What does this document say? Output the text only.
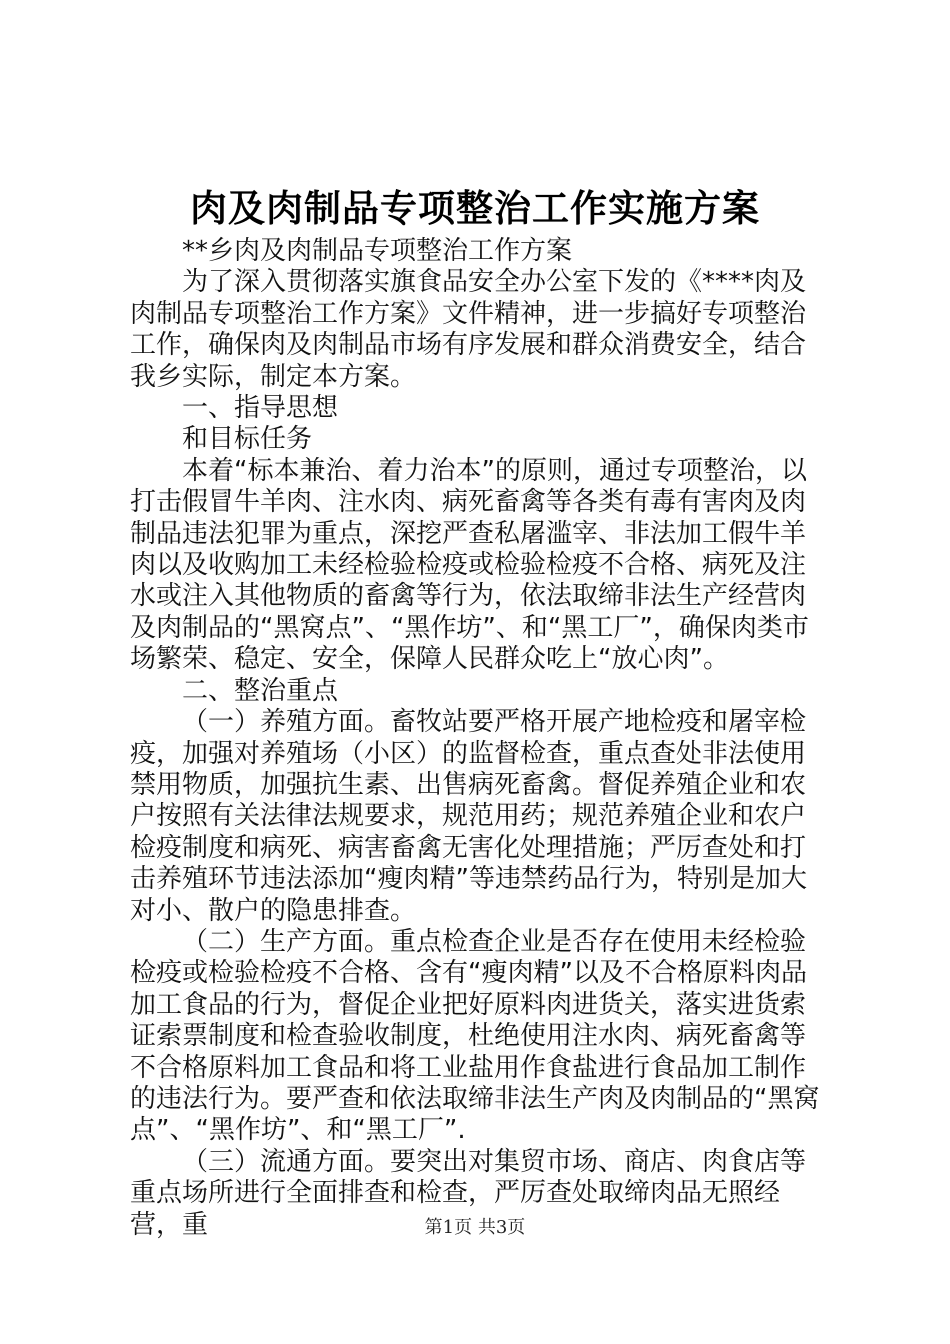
肉及肉制品专项整治工作实施方案

**乡肉及肉制品专项整治工作方案

为了深入贯彻落实旗食品安全办公室下发的《****肉及肉制品专项整治工作方案》文件精神，进一步搞好专项整治工作，确保肉及肉制品市场有序发展和群众消费安全，结合我乡实际，制定本方案。

一、指导思想

和目标任务

本着“标本兼治、着力治本”的原则，通过专项整治，以打击假冒牛羊肉、注水肉、病死畜禽等各类有毒有害肉及肉制品违法犯罪为重点，深挖严查私屠滥宰、非法加工假牛羊肉以及收购加工未经检验检疫或检验检疫不合格、病死及注水或注入其他物质的畜禽等行为，依法取缔非法生产经营肉及肉制品的“黑窝点”、“黑作坊”、和“黑工厂”，确保肉类市场繁荣、稳定、安全，保障人民群众吃上“放心肉”。

二、整治重点

（一）养殖方面。畜牧站要严格开展产地检疫和屠宰检疫，加强对养殖场（小区）的监督检查，重点查处非法使用禁用物质，加强抗生素、出售病死畜禽。督促养殖企业和农户按照有关法律法规要求，规范用药；规范养殖企业和农户检疫制度和病死、病害畜禽无害化处理措施；严厉查处和打击养殖环节违法添加“瘦肉精”等违禁药品行为，特别是加大对小、散户的隐患排查。

（二）生产方面。重点检查企业是否存在使用未经检验检疫或检验检疫不合格、含有“瘦肉精”以及不合格原料肉品加工食品的行为，督促企业把好原料肉进货关，落实进货索证索票制度和检查验收制度，杜绝使用注水肉、病死畜禽等不合格原料加工食品和将工业盐用作食盐进行食品加工制作的违法行为。要严查和依法取缔非法生产肉及肉制品的“黑窝点”、“黑作坊”、和“黑工厂”.

（三）流通方面。要突出对集贸市场、商店、肉食店等重点场所进行全面排查和检查，严厉查处取缔肉品无照经营，重	第1页 共3页
